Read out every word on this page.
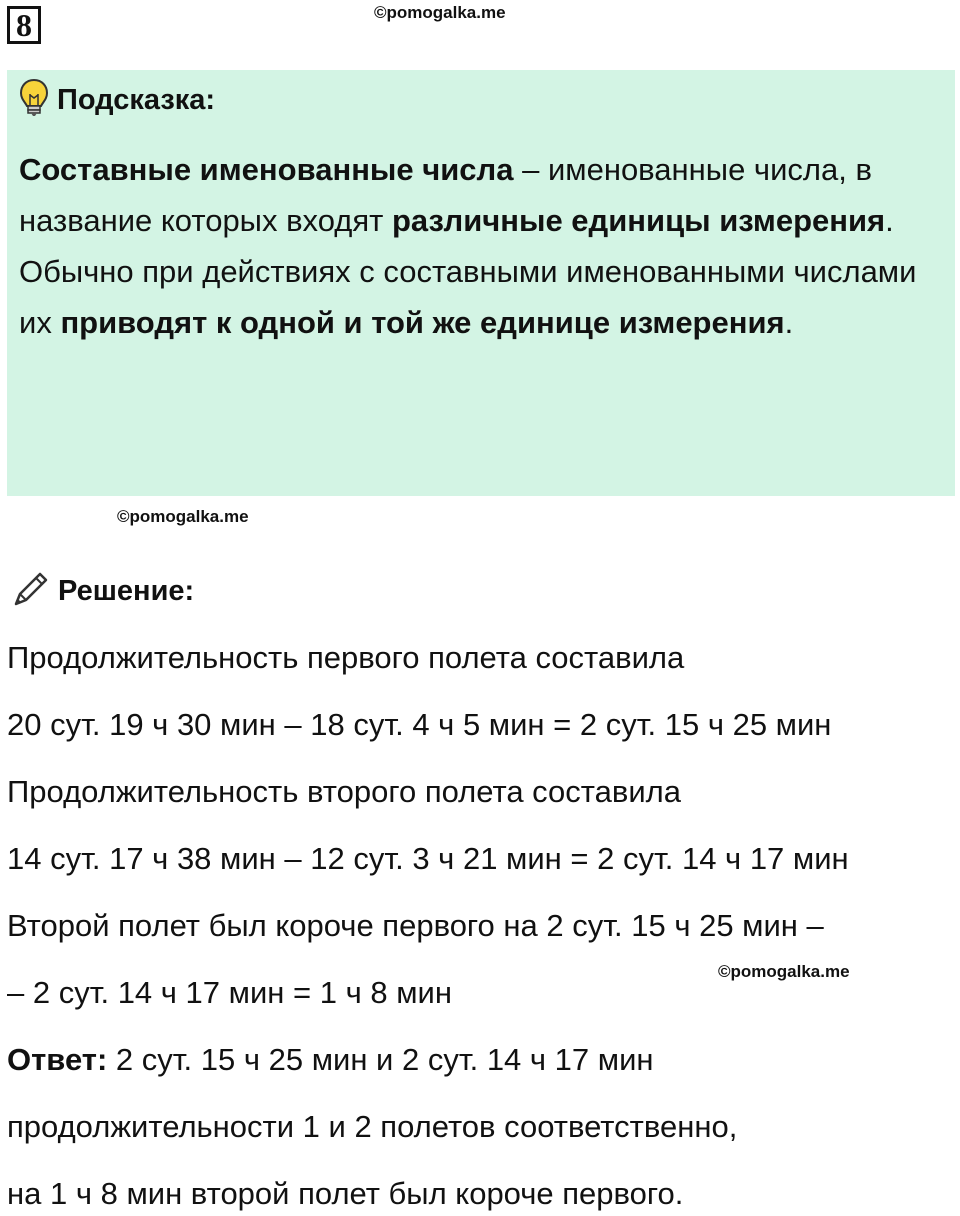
8	©pomogalka.me
Подсказка:

Составные именованные числа – именованные числа, в название которых входят различные единицы измерения.

Обычно при действиях с составными именованными числами их приводят к одной и той же единице измерения.

©pomogalka.me
Решение:
Продолжительность первого полета составила
20 сут. 19 ч 30 мин – 18 сут. 4 ч 5 мин = 2 сут. 15 ч 25 мин
Продолжительность второго полета составила
14 сут. 17 ч 38 мин – 12 сут. 3 ч 21 мин = 2 сут. 14 ч 17 мин
Второй полет был короче первого на 2 сут. 15 ч 25 мин –
©pomogalka.me
– 2 сут. 14 ч 17 мин = 1 ч 8 мин
Ответ: 2 сут. 15 ч 25 мин и 2 сут. 14 ч 17 мин
продолжительности 1 и 2 полетов соответственно,
на 1 ч 8 мин второй полет был короче первого.
